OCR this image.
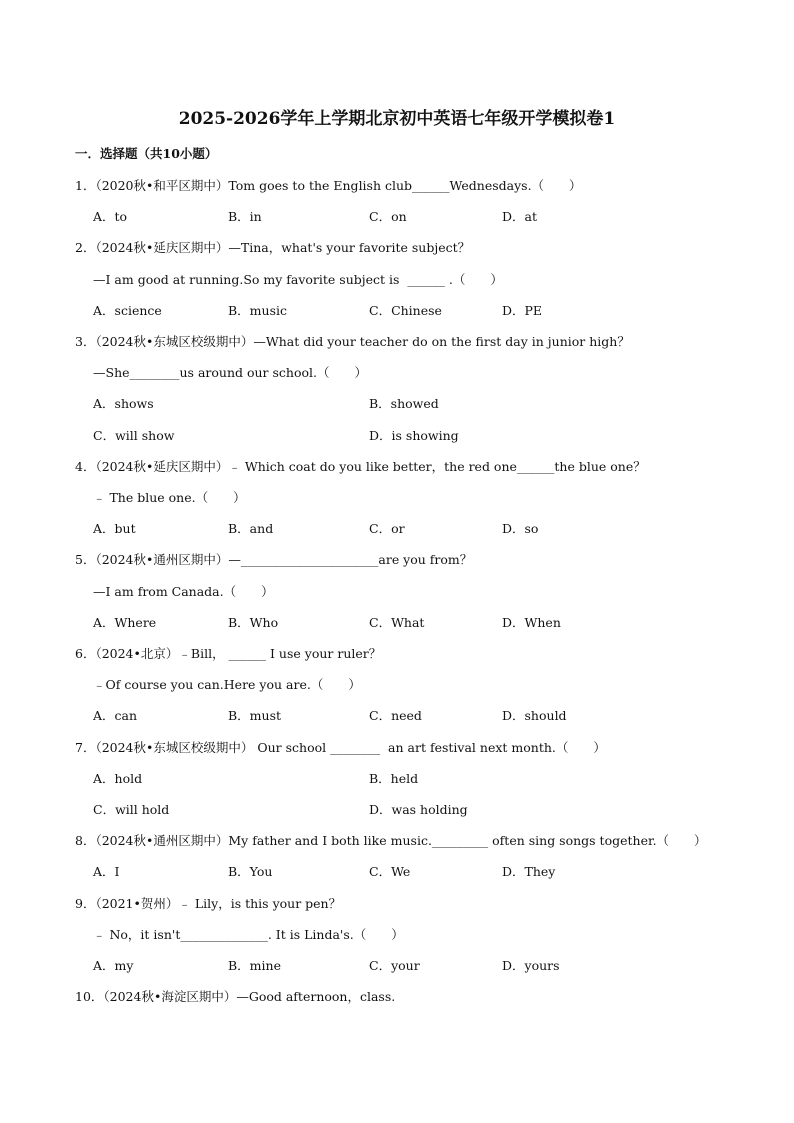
2025-2026学年上学期北京初中英语七年级开学模拟卷1
一．选择题（共10小题）
1．（2020秋•和平区期中）Tom goes to the English club______Wednesdays.（　　）
A．to	B．in	C．on	D．at
2．（2024秋•延庆区期中）—Tina，what's your favorite subject？
—I am good at running.So my favorite subject is  ______ .（　　）
A．science	B．music	C．Chinese	D．PE
3．（2024秋•东城区校级期中）—What did your teacher do on the first day in junior high？
—She________us around our school.（　　）
A．shows	B．showed
C．will show	D．is showing
4．（2024秋•延庆区期中）﹣ Which coat do you like better，the red one______the blue one？
﹣ The blue one.（　　）
A．but	B．and	C．or	D．so
5．（2024秋•通州区期中）—______________________are you from？
—I am from Canada.（　　）
A．Where	B．Who	C．What	D．When
6．（2024•北京）﹣Bill， ______ I use your ruler？
﹣Of course you can.Here you are.（　　）
A．can	B．must	C．need	D．should
7．（2024秋•东城区校级期中） Our school ________  an art festival next month.（　　）
A．hold	B．held
C．will hold	D．was holding
8．（2024秋•通州区期中）My father and I both like music._________ often sing songs together.（　　）
A．I	B．You	C．We	D．They
9．（2021•贺州）﹣ Lily，is this your pen？
﹣ No，it isn't______________. It is Linda's.（　　）
A．my	B．mine	C．your	D．yours
10．（2024秋•海淀区期中）—Good afternoon，class.
